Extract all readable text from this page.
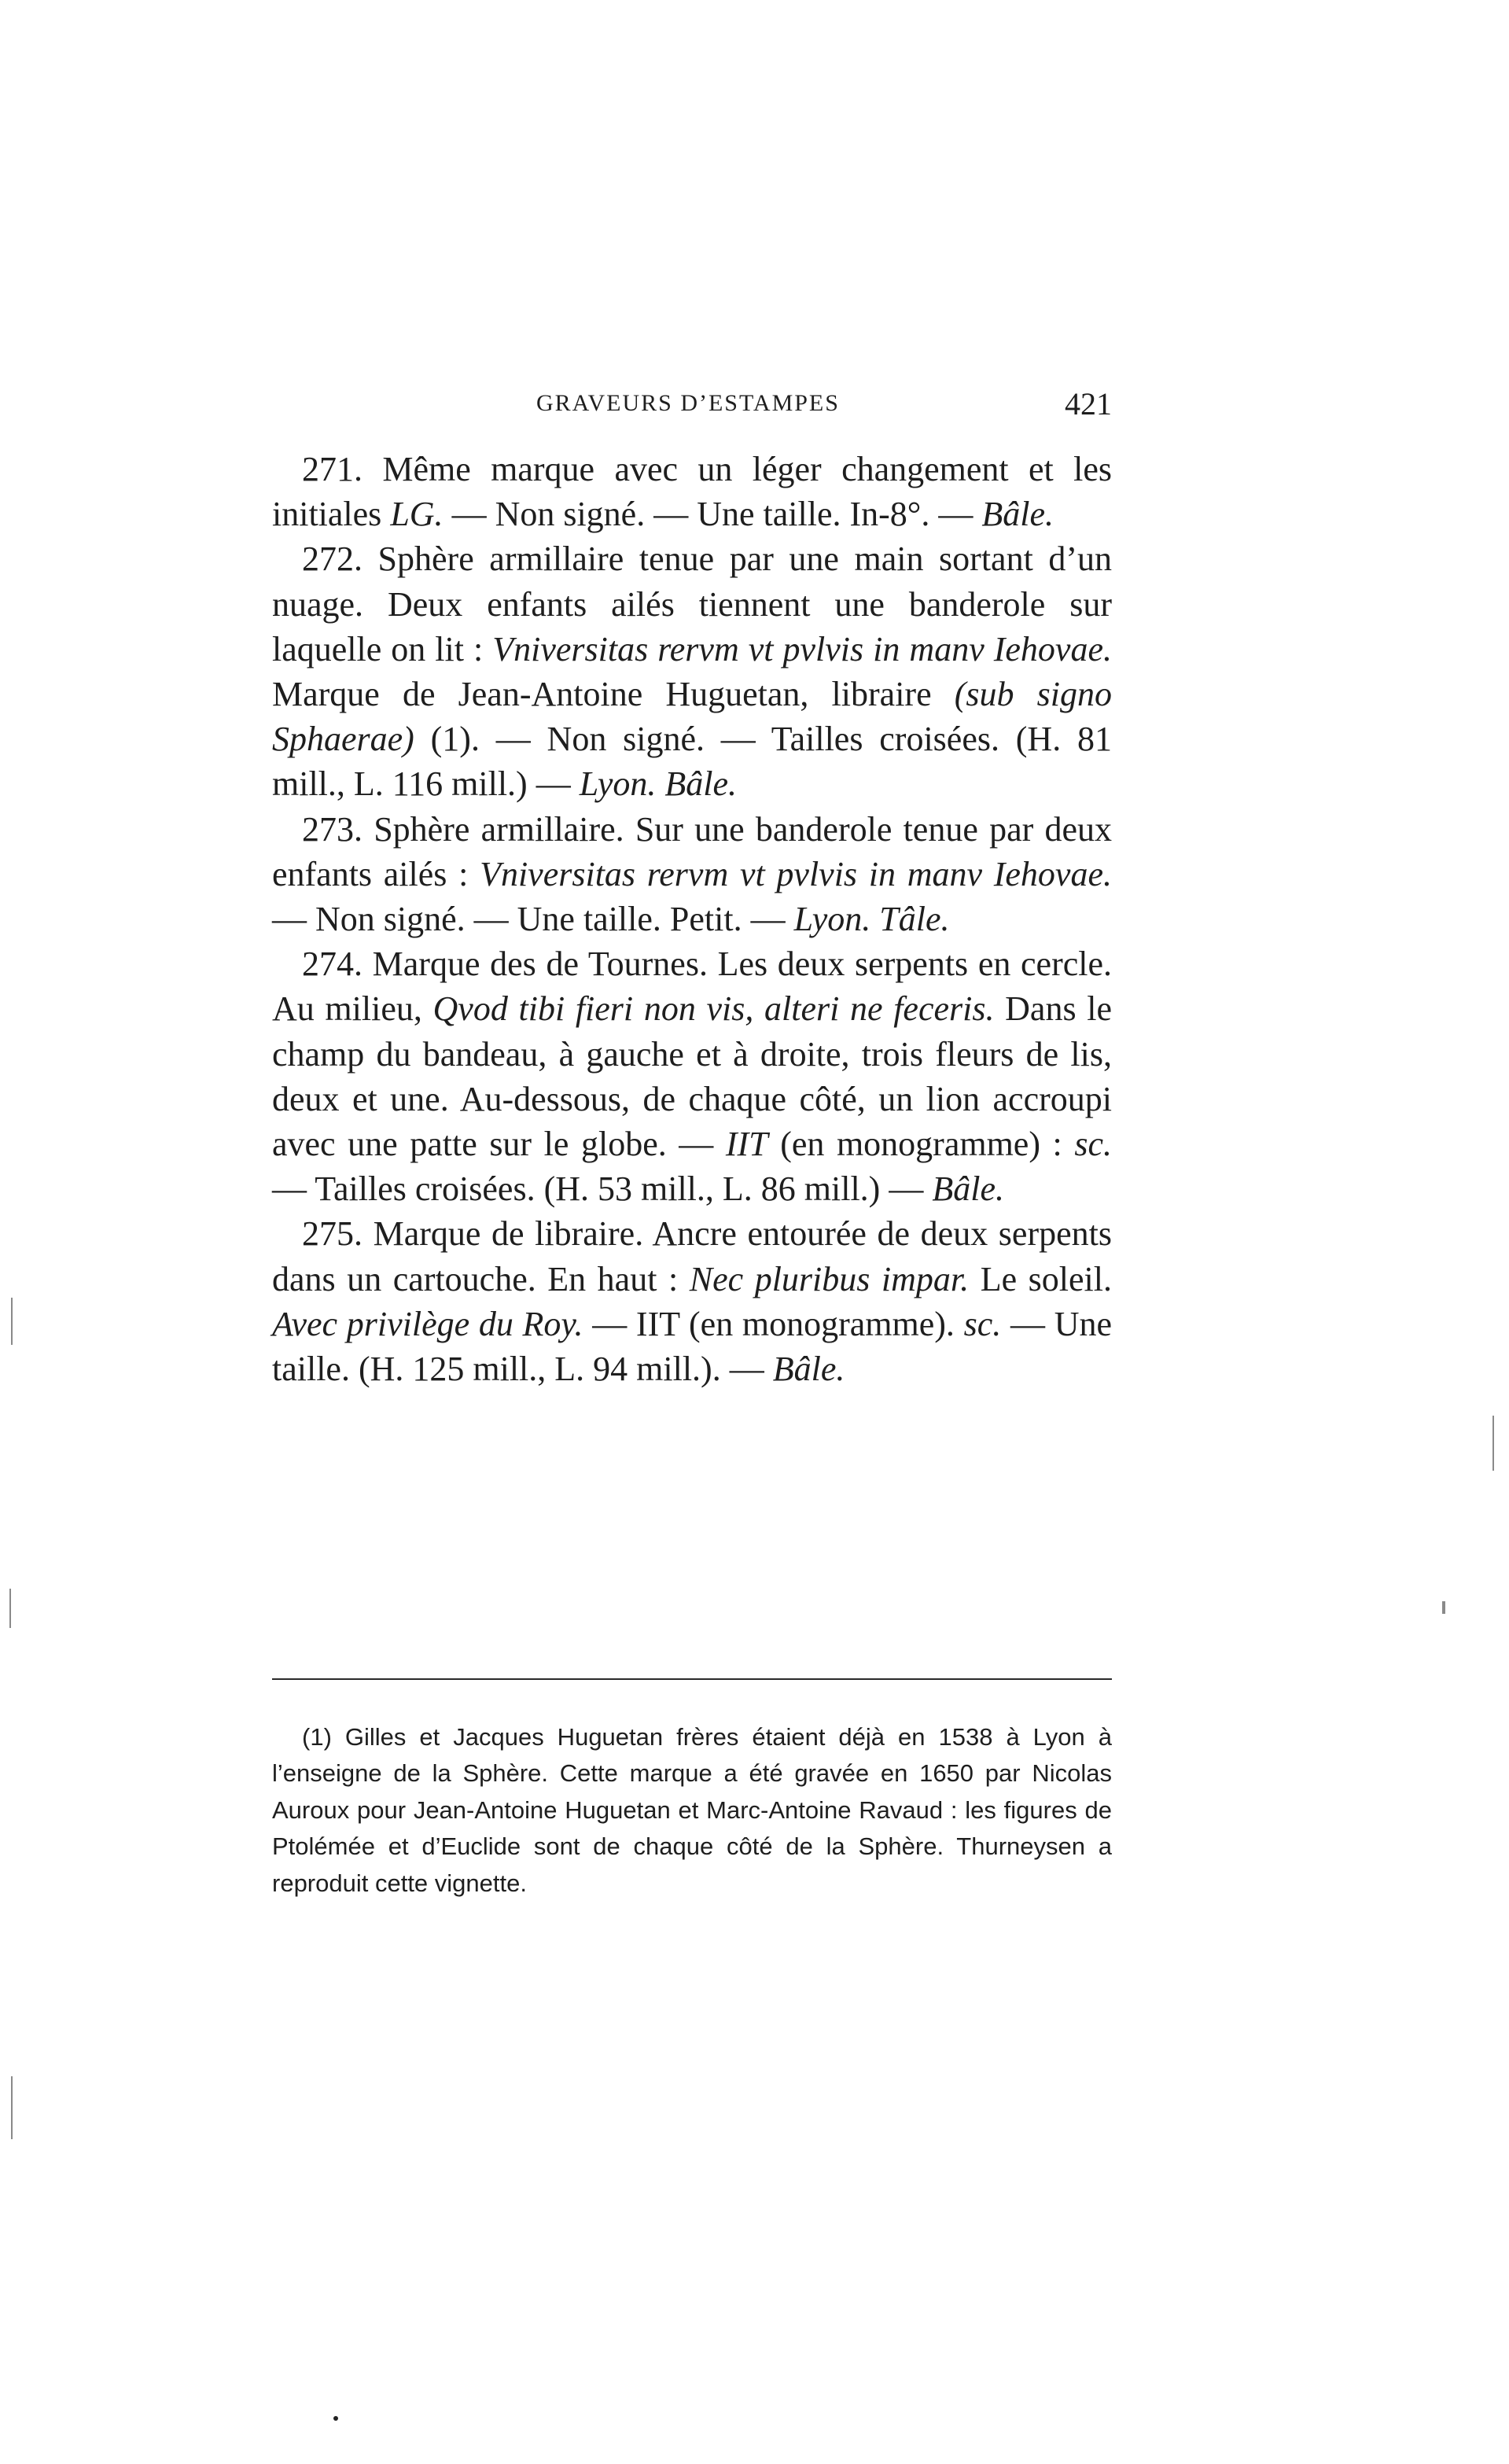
GRAVEURS D’ESTAMPES	421

271. Même marque avec un léger changement et les initiales LG. — Non signé. — Une taille. In-8°. — Bâle.

272. Sphère armillaire tenue par une main sortant d’un nuage. Deux enfants ailés tiennent une banderole sur laquelle on lit : Vniversitas rervm vt pvlvis in manv Iehovae. Marque de Jean-Antoine Huguetan, libraire (sub signo Sphaerae) (1). — Non signé. — Tailles croisées. (H. 81 mill., L. 116 mill.) — Lyon. Bâle.

273. Sphère armillaire. Sur une banderole tenue par deux enfants ailés : Vniversitas rervm vt pvlvis in manv Iehovae. — Non signé. — Une taille. Petit. — Lyon. Tâle.

274. Marque des de Tournes. Les deux serpents en cercle. Au milieu, Qvod tibi fieri non vis, alteri ne feceris. Dans le champ du bandeau, à gauche et à droite, trois fleurs de lis, deux et une. Au-dessous, de chaque côté, un lion accroupi avec une patte sur le globe. — IIT (en monogramme) : sc. — Tailles croisées. (H. 53 mill., L. 86 mill.) — Bâle.

275. Marque de libraire. Ancre entourée de deux serpents dans un cartouche. En haut : Nec pluribus impar. Le soleil. Avec privilège du Roy. — IIT (en monogramme). sc. — Une taille. (H. 125 mill., L. 94 mill.). — Bâle.

(1) Gilles et Jacques Huguetan frères étaient déjà en 1538 à Lyon à l’enseigne de la Sphère. Cette marque a été gravée en 1650 par Nicolas Auroux pour Jean-Antoine Huguetan et Marc-Antoine Ravaud : les figures de Ptolémée et d’Euclide sont de chaque côté de la Sphère. Thurneysen a reproduit cette vignette.
